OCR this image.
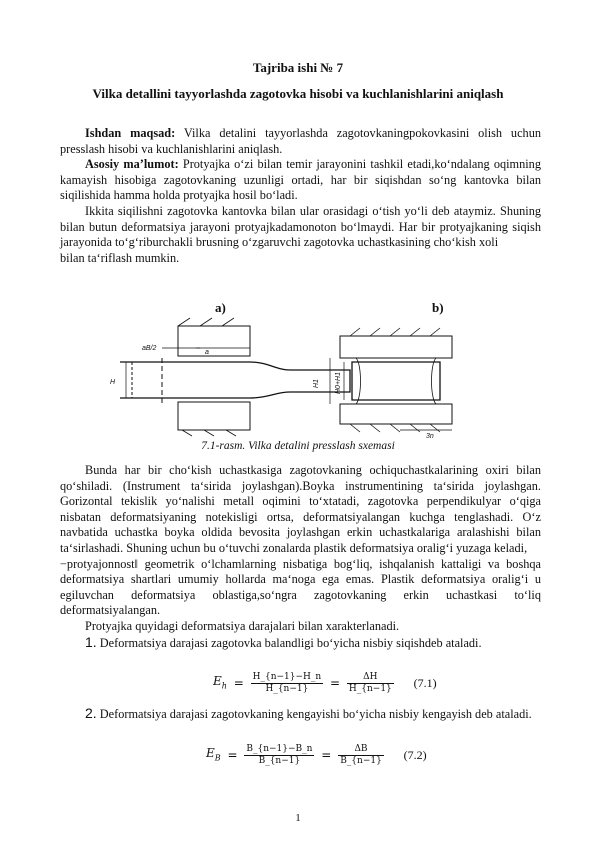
Tajriba ishi № 7
Vilka detallini tayyorlashda zagotovka hisobi va kuchlanishlarini aniqlash

Ishdan maqsad: Vilka detalini tayyorlashda zagotovkaningpokovkasini olish uchun presslash hisobi va kuchlanishlarini aniqlash.

Asosiy ma’lumot: Protyajka o‘zi bilan temir jarayonini tashkil etadi,ko‘ndalang oqimning kamayish hisobiga zagotovkaning uzunligi ortadi, har bir siqishdan so‘ng kantovka bilan siqilishida hamma holda protyajka hosil bo‘ladi.

Ikkita siqilishni zagotovka kantovka bilan ular orasidagi o‘tish yo‘li deb ataymiz. Shuning bilan butun deformatsiya jarayoni protyajkadamonoton bo‘lmaydi. Har bir protyajkaning siqish jarayonida to‘g‘riburchakli brusning o‘zgaruvchi zagotovka uchastkasining cho‘kish xoli

bilan ta‘riflash mumkin.

a)	b)
aB/2
a
H	H1 H0+H1
3n
7.1-rasm. Vilka detalini presslash sxemasi

Bunda har bir cho‘kish uchastkasiga zagotovkaning ochiquchastkalarining oxiri bilan qo‘shiladi. (Instrument ta‘sirida joylashgan).Boyka instrumentining ta‘sirida joylashgan. Gorizontal tekislik yo‘nalishi metall oqimini to‘xtatadi, zagotovka perpendikulyar o‘qiga nisbatan deformatsiyaning notekisligi ortsa, deformatsiyalangan kuchga tenglashadi. O‘z navbatida uchastka boyka oldida bevosita joylashgan erkin uchastkalariga aralashishi bilan ta‘sirlashadi. Shuning uchun bu o‘tuvchi zonalarda plastik deformatsiya oralig‘i yuzaga keladi,

−protyajonnost‖ geometrik o‘lchamlarning nisbatiga bog‘liq, ishqalanish kattaligi va boshqa deformatsiya shartlari umumiy hollarda ma‘noga ega emas. Plastik deformatsiya oralig‘i u egiluvchan deformatsiya oblastiga,so‘ngra zagotovkaning erkin uchastkasi to‘liq deformatsiyalangan.

Protyajka quyidagi deformatsiya darajalari bilan xarakterlanadi.

1. Deformatsiya darajasi zagotovka balandligi bo‘yicha nisbiy siqishdeb ataladi.

$E_h = \frac{H\_\{n-1\}-H\_n}{H\_\{n-1\}} = \frac{\Delta H}{H\_\{n-1\}} (7.1)$

2. Deformatsiya darajasi zagotovkaning kengayishi bo‘yicha nisbiy kengayish deb ataladi.

$E_B = \frac{B\_\{n-1\}-B\_n}{B\_\{n-1\}} = \frac{\Delta B}{B\_\{n-1\}} (7.2)$
1
